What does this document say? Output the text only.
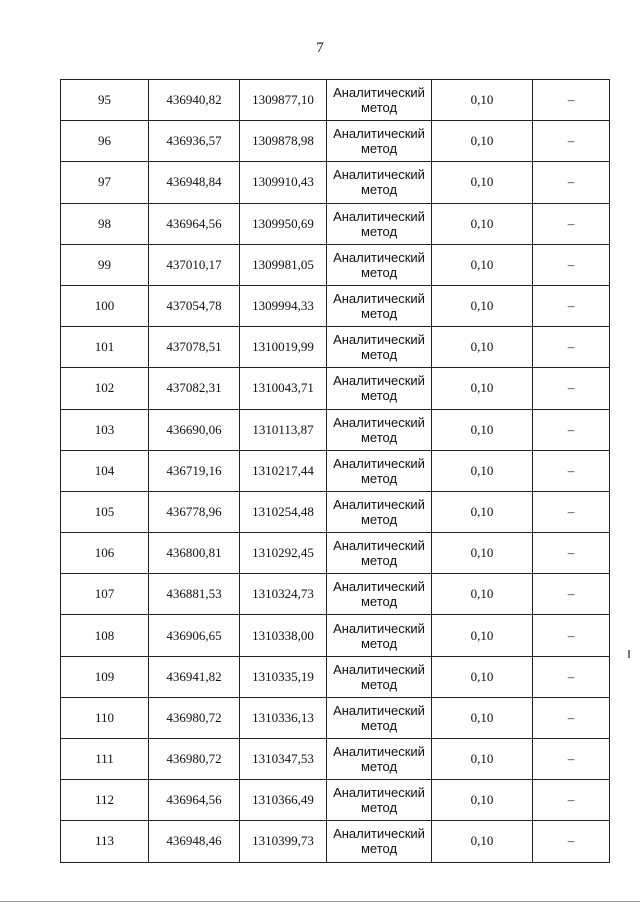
7
95	436940,82	1309877,10	Аналитический
метод	0,10	–
96	436936,57	1309878,98	Аналитический
метод	0,10	–
97	436948,84	1309910,43	Аналитический
метод	0,10	–
98	436964,56	1309950,69	Аналитический
метод	0,10	–
99	437010,17	1309981,05	Аналитический
метод	0,10	–
100	437054,78	1309994,33	Аналитический
метод	0,10	–
101	437078,51	1310019,99	Аналитический
метод	0,10	–
102	437082,31	1310043,71	Аналитический
метод	0,10	–
103	436690,06	1310113,87	Аналитический
метод	0,10	–
104	436719,16	1310217,44	Аналитический
метод	0,10	–
105	436778,96	1310254,48	Аналитический
метод	0,10	–
106	436800,81	1310292,45	Аналитический
метод	0,10	–
107	436881,53	1310324,73	Аналитический
метод	0,10	–
108	436906,65	1310338,00	Аналитический
метод	0,10	–
109	436941,82	1310335,19	Аналитический
метод	0,10	–
110	436980,72	1310336,13	Аналитический
метод	0,10	–
111	436980,72	1310347,53	Аналитический
метод	0,10	–
112	436964,56	1310366,49	Аналитический
метод	0,10	–
113	436948,46	1310399,73	Аналитический
метод	0,10	–
